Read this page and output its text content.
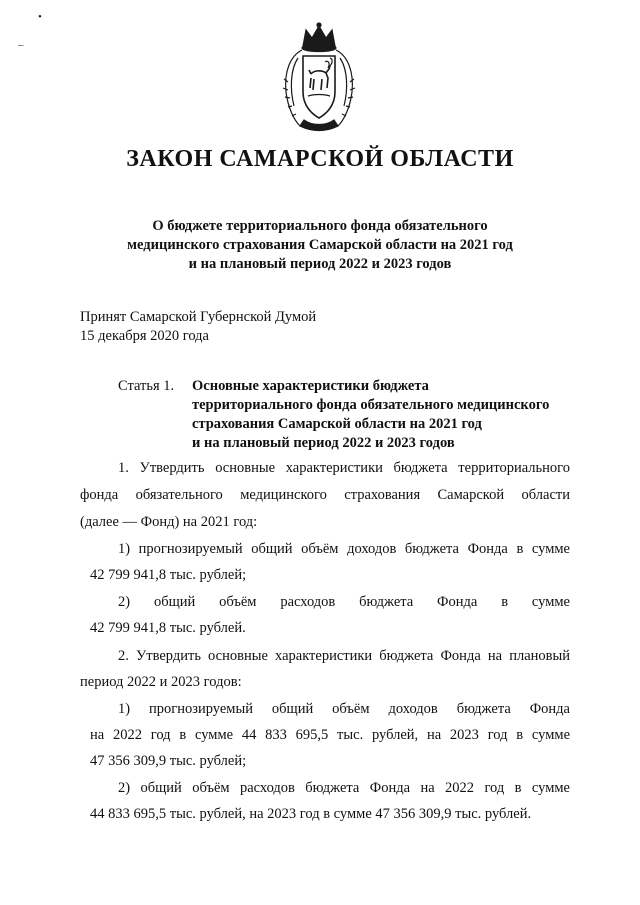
•
–
ЗАКОН САМАРСКОЙ ОБЛАСТИ
О бюджете территориального фонда обязательного
медицинского страхования Самарской области на 2021 год
и на плановый период 2022 и 2023 годов
Принят Самарской Губернской Думой
15 декабря 2020 года
Статья 1. Основные характеристики бюджета
территориального фонда обязательного медицинского
страхования Самарской области на 2021 год
и на плановый период 2022 и 2023 годов
1. Утвердить основные характеристики бюджета территориального
фонда обязательного медицинского страхования Самарской области
(далее — Фонд) на 2021 год:
1) прогнозируемый общий объём доходов бюджета Фонда в сумме
42 799 941,8 тыс. рублей;
2) общий объём расходов бюджета Фонда в сумме
42 799 941,8 тыс. рублей.
2. Утвердить основные характеристики бюджета Фонда на плановый
период 2022 и 2023 годов:
1) прогнозируемый общий объём доходов бюджета Фонда
на 2022 год в сумме 44 833 695,5 тыс. рублей, на 2023 год в сумме
47 356 309,9 тыс. рублей;
2) общий объём расходов бюджета Фонда на 2022 год в сумме
44 833 695,5 тыс. рублей, на 2023 год в сумме 47 356 309,9 тыс. рублей.
